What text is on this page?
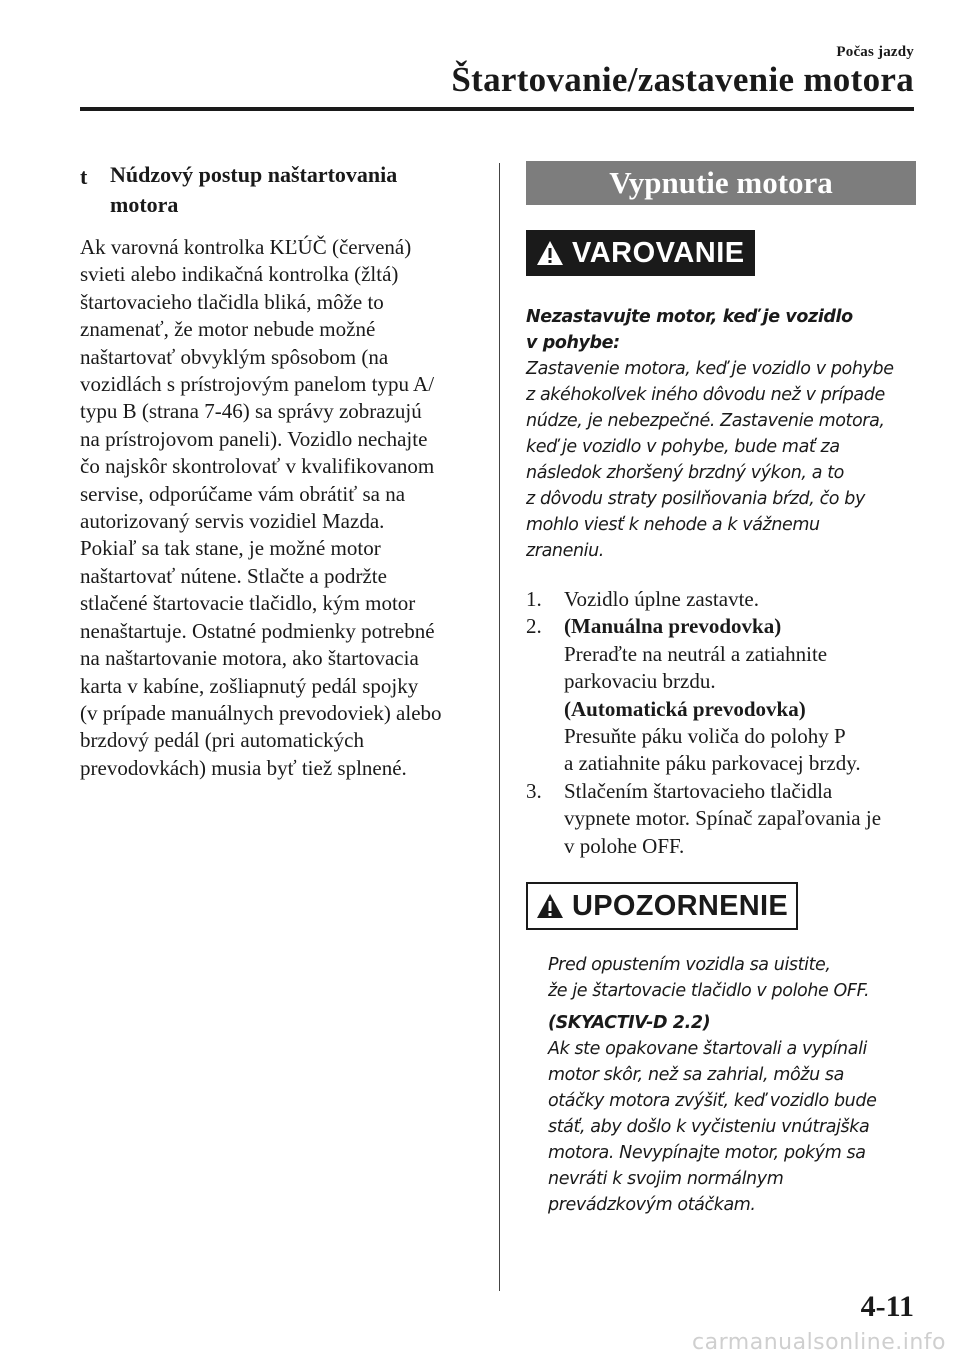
Počas jazdy
Štartovanie/zastavenie motora
t Núdzový postup naštartovania
motora
Ak varovná kontrolka KĽÚČ (červená)
svieti alebo indikačná kontrolka (žltá)
štartovacieho tlačidla bliká, môže to
znamenať, že motor nebude možné
naštartovať obvyklým spôsobom (na
vozidlách s prístrojovým panelom typu A/
typu B (strana 7-46) sa správy zobrazujú
na prístrojovom paneli). Vozidlo nechajte
čo najskôr skontrolovať v kvalifikovanom
servise, odporúčame vám obrátiť sa na
autorizovaný servis vozidiel Mazda.
Pokiaľ sa tak stane, je možné motor
naštartovať nútene. Stlačte a podržte
stlačené štartovacie tlačidlo, kým motor
nenaštartuje. Ostatné podmienky potrebné
na naštartovanie motora, ako štartovacia
karta v kabíne, zošliapnutý pedál spojky
(v prípade manuálnych prevodoviek) alebo
brzdový pedál (pri automatických
prevodovkách) musia byť tiež splnené.
Vypnutie motora
VAROVANIE
Nezastavujte motor, keď je vozidlo
v pohybe:
Zastavenie motora, keď je vozidlo v pohybe
z akéhokoľvek iného dôvodu než v prípade
núdze, je nebezpečné. Zastavenie motora,
keď je vozidlo v pohybe, bude mať za
následok zhoršený brzdný výkon, a to
z dôvodu straty posilňovania bŕzd, čo by
mohlo viesť k nehode a k vážnemu
zraneniu.
1. Vozidlo úplne zastavte.
2. (Manuálna prevodovka)
Preraďte na neutrál a zatiahnite
parkovaciu brzdu.
(Automatická prevodovka)
Presuňte páku voliča do polohy P
a zatiahnite páku parkovacej brzdy.
3. Stlačením štartovacieho tlačidla
vypnete motor. Spínač zapaľovania je
v polohe OFF.
UPOZORNENIE
Pred opustením vozidla sa uistite,
že je štartovacie tlačidlo v polohe OFF.
(SKYACTIV-D 2.2)
Ak ste opakovane štartovali a vypínali
motor skôr, než sa zahrial, môžu sa
otáčky motora zvýšiť, keď vozidlo bude
stáť, aby došlo k vyčisteniu vnútrajška
motora. Nevypínajte motor, pokým sa
nevráti k svojim normálnym
prevádzkovým otáčkam.
4-11
carmanualsonline.info
